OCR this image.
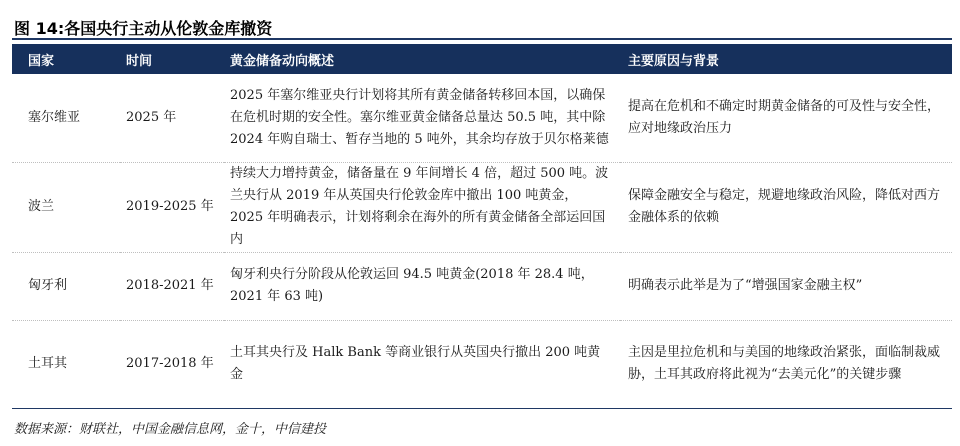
图 14:各国央行主动从伦敦金库撤资
国家	时间	黄金储备动向概述	主要原因与背景
塞尔维亚	2025 年	2025 年塞尔维亚央行计划将其所有黄金储备转移回本国，以确保在危机时期的安全性。塞尔维亚黄金储备总量达 50.5 吨，其中除 2024 年购自瑞士、暂存当地的 5 吨外，其余均存放于贝尔格莱德	提高在危机和不确定时期黄金储备的可及性与安全性，应对地缘政治压力
波兰	2019-2025 年	持续大力增持黄金，储备量在 9 年间增长 4 倍，超过 500 吨。波兰央行从 2019 年从英国央行伦敦金库中撤出 100 吨黄金，2025 年明确表示，计划将剩余在海外的所有黄金储备全部运回国内	保障金融安全与稳定，规避地缘政治风险，降低对西方金融体系的依赖
匈牙利	2018-2021 年	匈牙利央行分阶段从伦敦运回 94.5 吨黄金(2018 年 28.4 吨，2021 年 63 吨)	明确表示此举是为了“增强国家金融主权”
土耳其	2017-2018 年	土耳其央行及 Halk Bank 等商业银行从英国央行撤出 200 吨黄金	主因是里拉危机和与美国的地缘政治紧张，面临制裁威胁，土耳其政府将此视为“去美元化”的关键步骤
数据来源：财联社，中国金融信息网，金十，中信建投
